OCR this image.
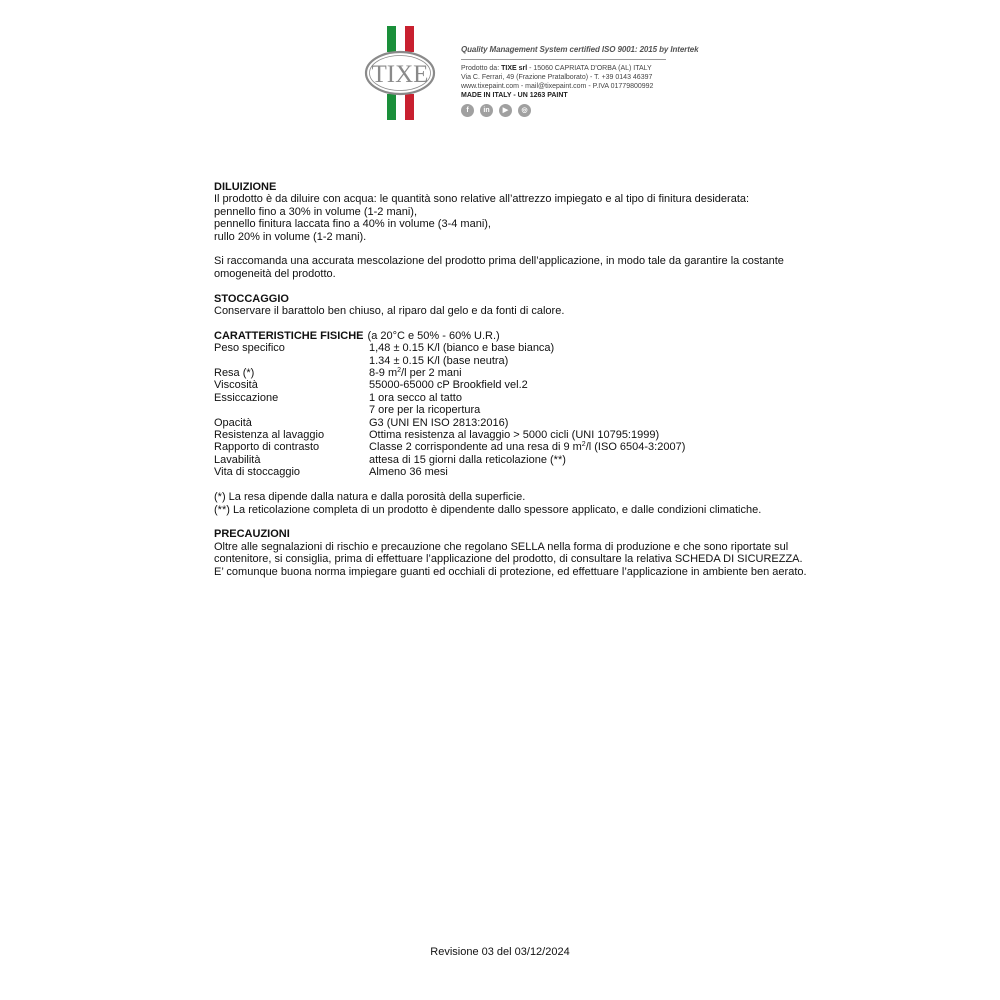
TIXE
Quality Management System certified ISO 9001: 2015 by Intertek
Prodotto da: TIXE srl - 15060 CAPRIATA D'ORBA (AL) ITALY
Via C. Ferrari, 49 (Frazione Pratalborato) - T. +39 0143 46397
www.tixepaint.com - mail@tixepaint.com - P.IVA 01779800992
MADE IN ITALY - UN 1263 PAINT
f	in	▶	◎
DILUIZIONE
Il prodotto è da diluire con acqua: le quantità sono relative all’attrezzo impiegato e al tipo di finitura desiderata:
pennello fino a 30% in volume (1-2 mani),
pennello finitura laccata fino a 40% in volume (3-4 mani),
rullo 20% in volume (1-2 mani).
Si raccomanda una accurata mescolazione del prodotto prima dell’applicazione, in modo tale da garantire la costante
omogeneità del prodotto.
STOCCAGGIO
Conservare il barattolo ben chiuso, al riparo dal gelo e da fonti di calore.
CARATTERISTICHE FISICHE (a 20°C e 50% - 60% U.R.)
Peso specifico	1,48 ± 0.15 K/l (bianco e base bianca)
1.34 ± 0.15 K/l (base neutra)
Resa (*)	8-9 $m^2/l$ per 2 mani
Viscosità	55000-65000 cP Brookfield vel.2
Essiccazione	1 ora secco al tatto
7 ore per la ricopertura
Opacità	G3 (UNI EN ISO 2813:2016)
Resistenza al lavaggio	Ottima resistenza al lavaggio > 5000 cicli (UNI 10795:1999)
Rapporto di contrasto	Classe 2 corrispondente ad una resa di 9 $m^2/l$ (ISO 6504-3:2007)
Lavabilità	attesa di 15 giorni dalla reticolazione (**)
Vita di stoccaggio	Almeno 36 mesi
(*) La resa dipende dalla natura e dalla porosità della superficie.
(**) La reticolazione completa di un prodotto è dipendente dallo spessore applicato, e dalle condizioni climatiche.
PRECAUZIONI
Oltre alle segnalazioni di rischio e precauzione che regolano SELLA nella forma di produzione e che sono riportate sul
contenitore, si consiglia, prima di effettuare l’applicazione del prodotto, di consultare la relativa SCHEDA DI SICUREZZA.
E’ comunque buona norma impiegare guanti ed occhiali di protezione, ed effettuare l’applicazione in ambiente ben aerato.
Revisione 03 del 03/12/2024
